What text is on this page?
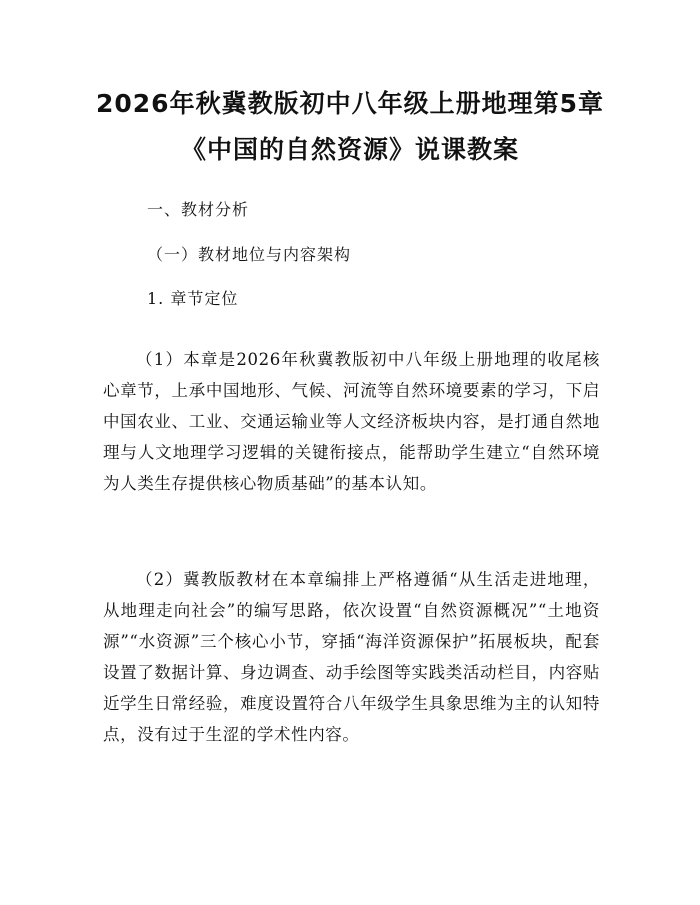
2026年秋冀教版初中八年级上册地理第5章
《中国的自然资源》说课教案
一、教材分析
（一）教材地位与内容架构
1. 章节定位

（1）本章是2026年秋冀教版初中八年级上册地理的收尾核心章节，上承中国地形、气候、河流等自然环境要素的学习，下启中国农业、工业、交通运输业等人文经济板块内容，是打通自然地理与人文地理学习逻辑的关键衔接点，能帮助学生建立“自然环境为人类生存提供核心物质基础”的基本认知。

（2）冀教版教材在本章编排上严格遵循“从生活走进地理，从地理走向社会”的编写思路，依次设置“自然资源概况”“土地资源”“水资源”三个核心小节，穿插“海洋资源保护”拓展板块，配套设置了数据计算、身边调查、动手绘图等实践类活动栏目，内容贴近学生日常经验，难度设置符合八年级学生具象思维为主的认知特点，没有过于生涩的学术性内容。
